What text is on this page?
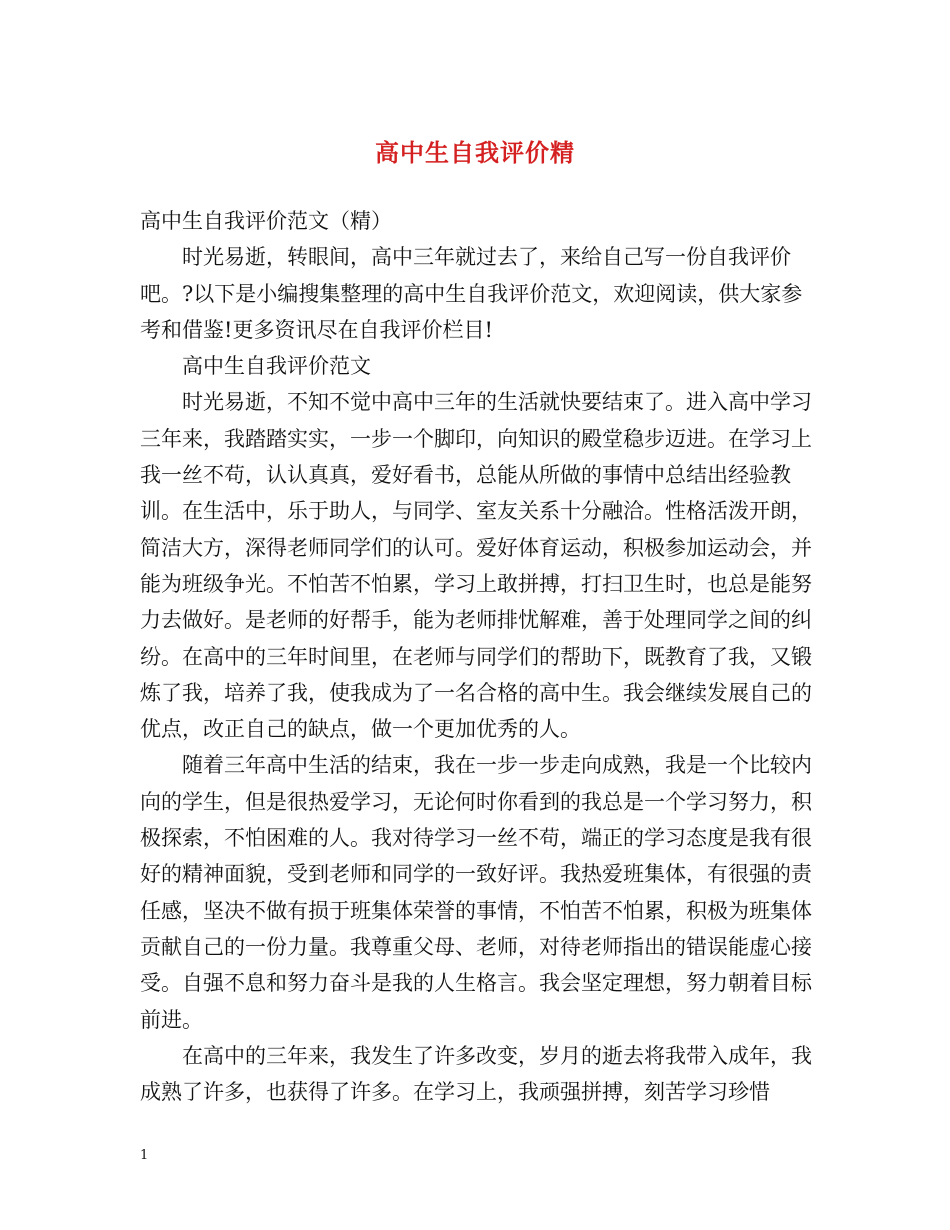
高中生自我评价精

高中生自我评价范文（精）

时光易逝，转眼间，高中三年就过去了，来给自己写一份自我评价吧。?以下是小编搜集整理的高中生自我评价范文，欢迎阅读，供大家参考和借鉴!更多资讯尽在自我评价栏目!

高中生自我评价范文

时光易逝，不知不觉中高中三年的生活就快要结束了。进入高中学习三年来，我踏踏实实，一步一个脚印，向知识的殿堂稳步迈进。在学习上我一丝不苟，认认真真，爱好看书，总能从所做的事情中总结出经验教训。在生活中，乐于助人，与同学、室友关系十分融洽。性格活泼开朗，简洁大方，深得老师同学们的认可。爱好体育运动，积极参加运动会，并能为班级争光。不怕苦不怕累，学习上敢拼搏，打扫卫生时，也总是能努力去做好。是老师的好帮手，能为老师排忧解难，善于处理同学之间的纠纷。在高中的三年时间里，在老师与同学们的帮助下，既教育了我，又锻炼了我，培养了我，使我成为了一名合格的高中生。我会继续发展自己的优点，改正自己的缺点，做一个更加优秀的人。

随着三年高中生活的结束，我在一步一步走向成熟，我是一个比较内向的学生，但是很热爱学习，无论何时你看到的我总是一个学习努力，积极探索，不怕困难的人。我对待学习一丝不苟，端正的学习态度是我有很好的精神面貌，受到老师和同学的一致好评。我热爱班集体，有很强的责任感，坚决不做有损于班集体荣誉的事情，不怕苦不怕累，积极为班集体贡献自己的一份力量。我尊重父母、老师，对待老师指出的错误能虚心接受。自强不息和努力奋斗是我的人生格言。我会坚定理想，努力朝着目标前进。

在高中的三年来，我发生了许多改变，岁月的逝去将我带入成年，我成熟了许多，也获得了许多。在学习上，我顽强拼搏，刻苦学习珍惜

1
